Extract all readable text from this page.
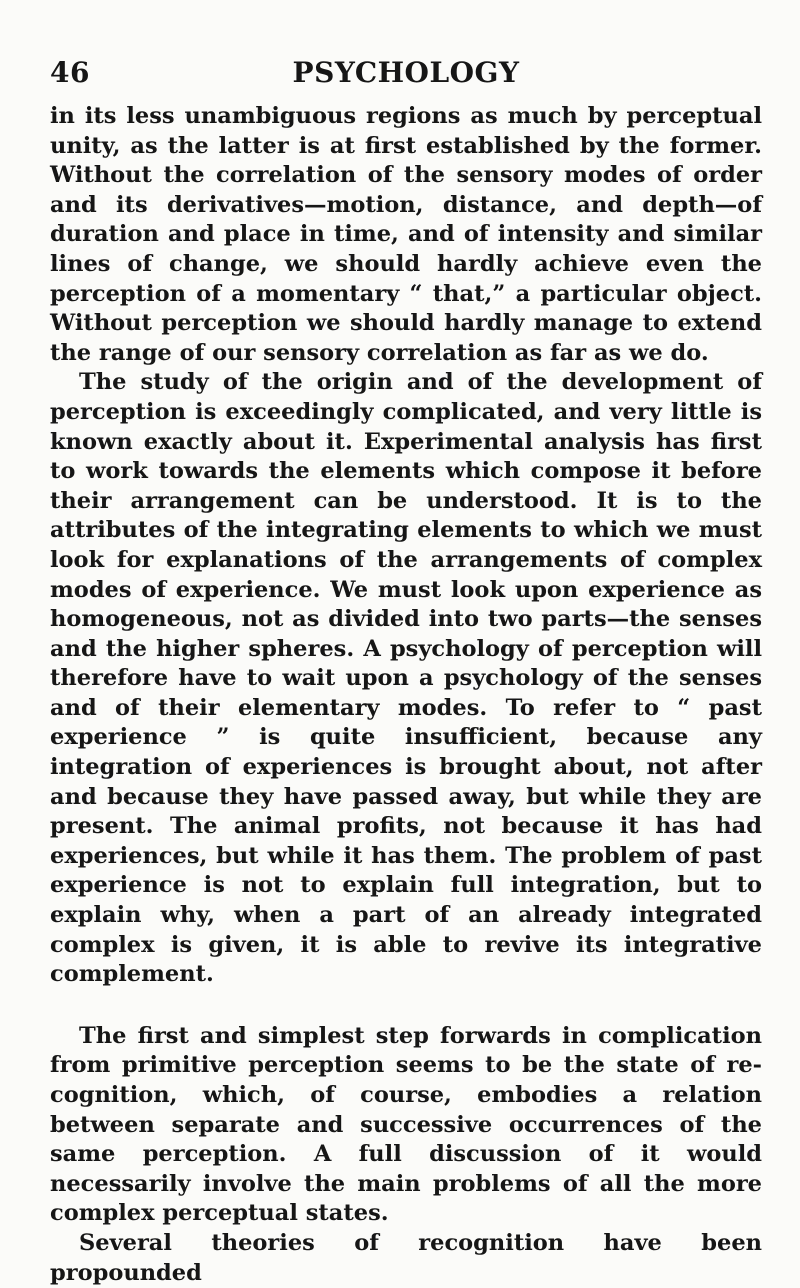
46	PSYCHOLOGY

in its less unambiguous regions as much by perceptual unity, as the latter is at first established by the former. Without the correlation of the sensory modes of order and its derivatives—motion, distance, and depth—of duration and place in time, and of intensity and similar lines of change, we should hardly achieve even the perception of a momentary “ that,” a particular object. Without perception we should hardly manage to extend the range of our sensory correlation as far as we do.

The study of the origin and of the development of perception is exceedingly complicated, and very little is known exactly about it. Experimental analysis has first to work towards the elements which compose it before their arrangement can be understood. It is to the attributes of the integrating elements to which we must look for explanations of the arrangements of complex modes of experience. We must look upon experience as homogeneous, not as divided into two parts—the senses and the higher spheres. A psychology of perception will therefore have to wait upon a psychology of the senses and of their elementary modes. To refer to “ past experience ” is quite insufficient, because any integration of experiences is brought about, not after and because they have passed away, but while they are present. The animal profits, not because it has had experiences, but while it has them. The problem of past experience is not to explain full integration, but to explain why, when a part of an already integrated complex is given, it is able to revive its integrative complement.

The first and simplest step forwards in complication from primitive perception seems to be the state of recognition, which, of course, embodies a relation between separate and successive occurrences of the same perception. A full discussion of it would necessarily involve the main problems of all the more complex perceptual states.

Several theories of recognition have been propounded
